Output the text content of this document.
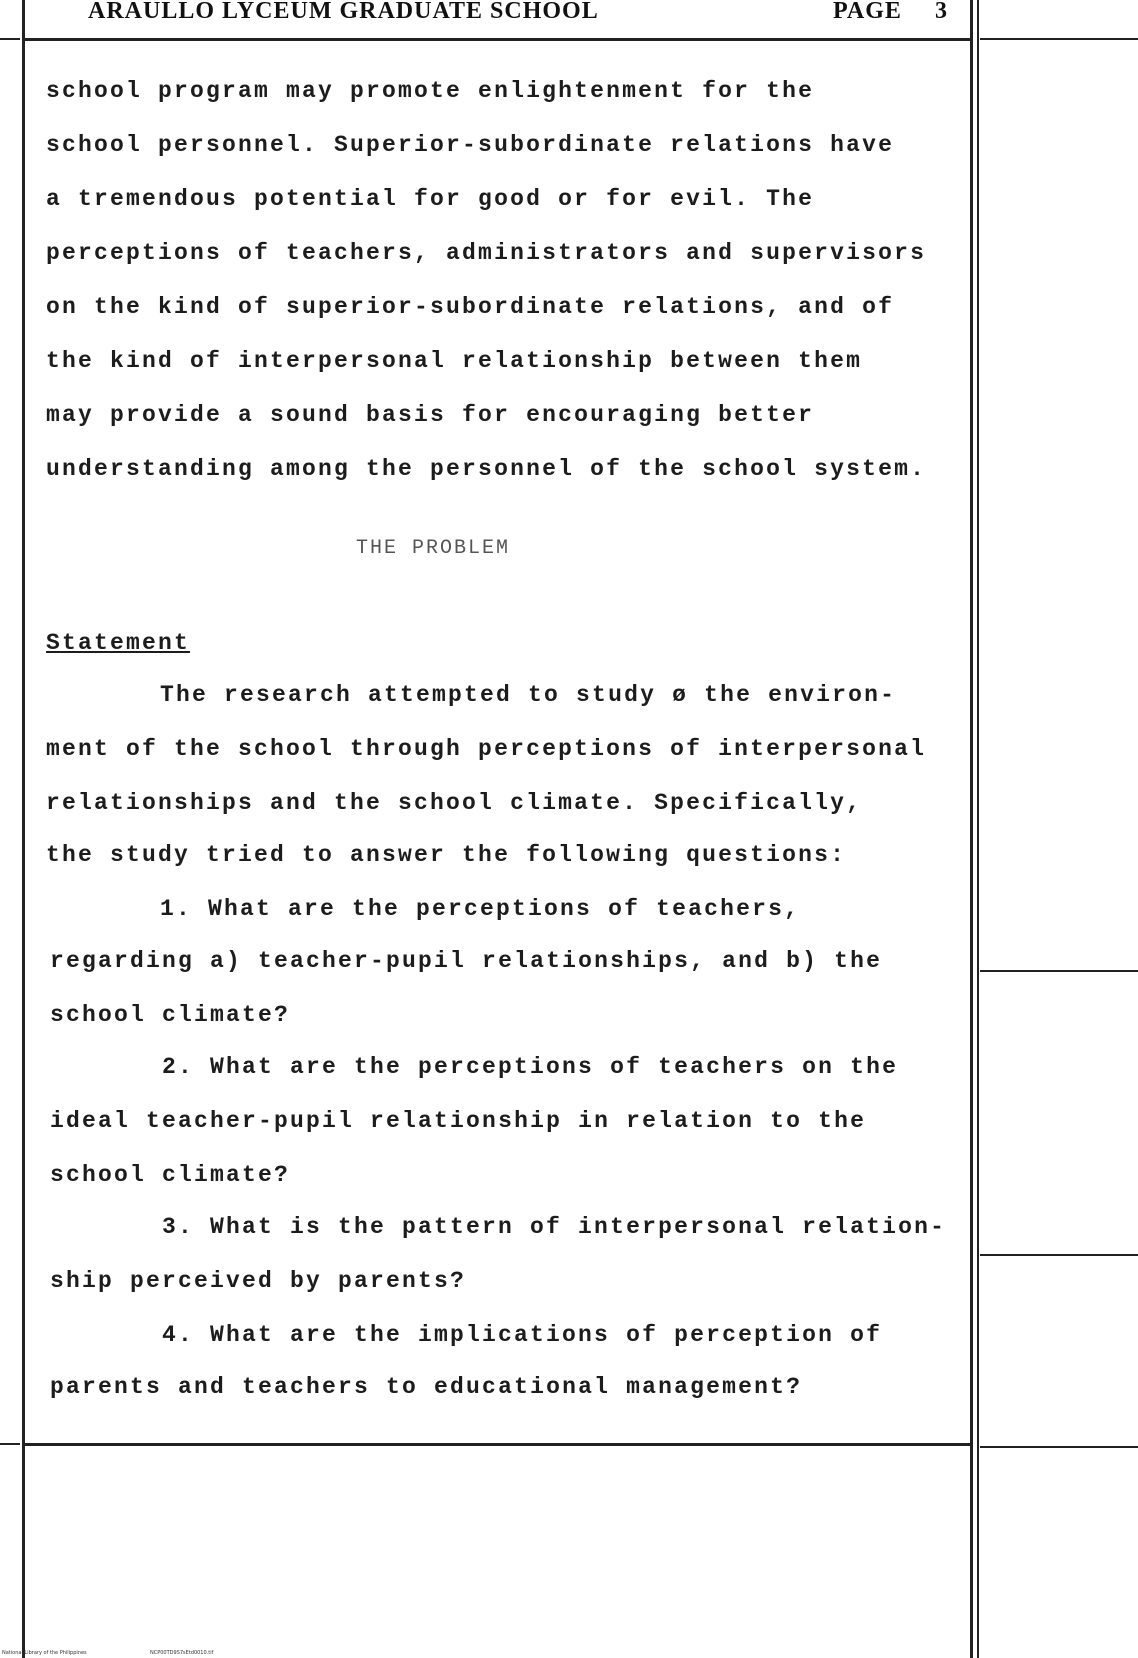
ARAULLO LYCEUM GRADUATE SCHOOL	PAGE 3
school program may promote enlightenment for the
school personnel. Superior-subordinate relations have
a tremendous potential for good or for evil. The
perceptions of teachers, administrators and supervisors
on the kind of superior-subordinate relations, and of
the kind of interpersonal relationship between them
may provide a sound basis for encouraging better
understanding among the personnel of the school system.
THE PROBLEM
Statement
The research attempted to study ø the environ-
ment of the school through perceptions of interpersonal
relationships and the school climate. Specifically,
the study tried to answer the following questions:
1. What are the perceptions of teachers,
regarding a) teacher-pupil relationships, and b) the
school climate?
2. What are the perceptions of teachers on the
ideal teacher-pupil relationship in relation to the
school climate?
3. What is the pattern of interpersonal relation-
ship perceived by parents?
4. What are the implications of perception of
parents and teachers to educational management?
National Library of the Philippines	NCP00TD9S7sEtd0010.tif
